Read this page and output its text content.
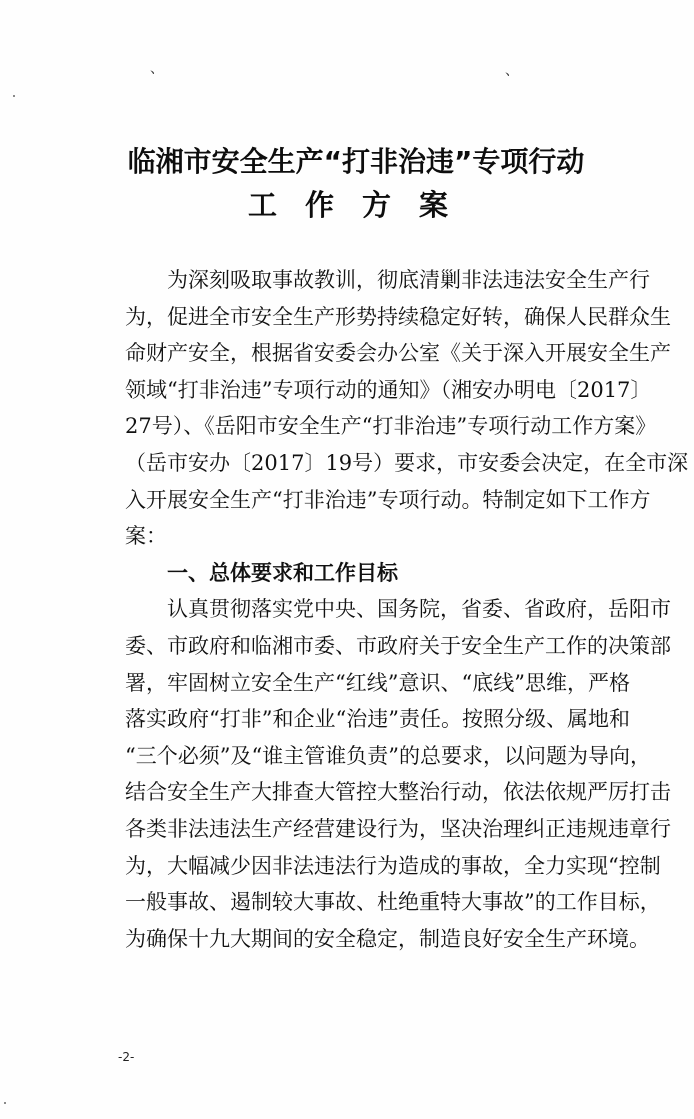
、	、
临湘市安全生产“打非治违”专项行动
工作方案
为深刻吸取事故教训，彻底清剿非法违法安全生产行
为，促进全市安全生产形势持续稳定好转，确保人民群众生
命财产安全，根据省安委会办公室《关于深入开展安全生产
领域“打非治违”专项行动的通知》（湘安办明电〔2017〕
27号）、《岳阳市安全生产“打非治违”专项行动工作方案》
（岳市安办〔2017〕19号）要求，市安委会决定，在全市深
入开展安全生产“打非治违”专项行动。特制定如下工作方
案：
一、总体要求和工作目标
认真贯彻落实党中央、国务院，省委、省政府，岳阳市
委、市政府和临湘市委、市政府关于安全生产工作的决策部
署，牢固树立安全生产“红线”意识、“底线”思维，严格
落实政府“打非”和企业“治违”责任。按照分级、属地和
“三个必须”及“谁主管谁负责”的总要求，以问题为导向，
结合安全生产大排查大管控大整治行动，依法依规严厉打击
各类非法违法生产经营建设行为，坚决治理纠正违规违章行
为，大幅减少因非法违法行为造成的事故，全力实现“控制
一般事故、遏制较大事故、杜绝重特大事故”的工作目标，
为确保十九大期间的安全稳定，制造良好安全生产环境。
-2-
